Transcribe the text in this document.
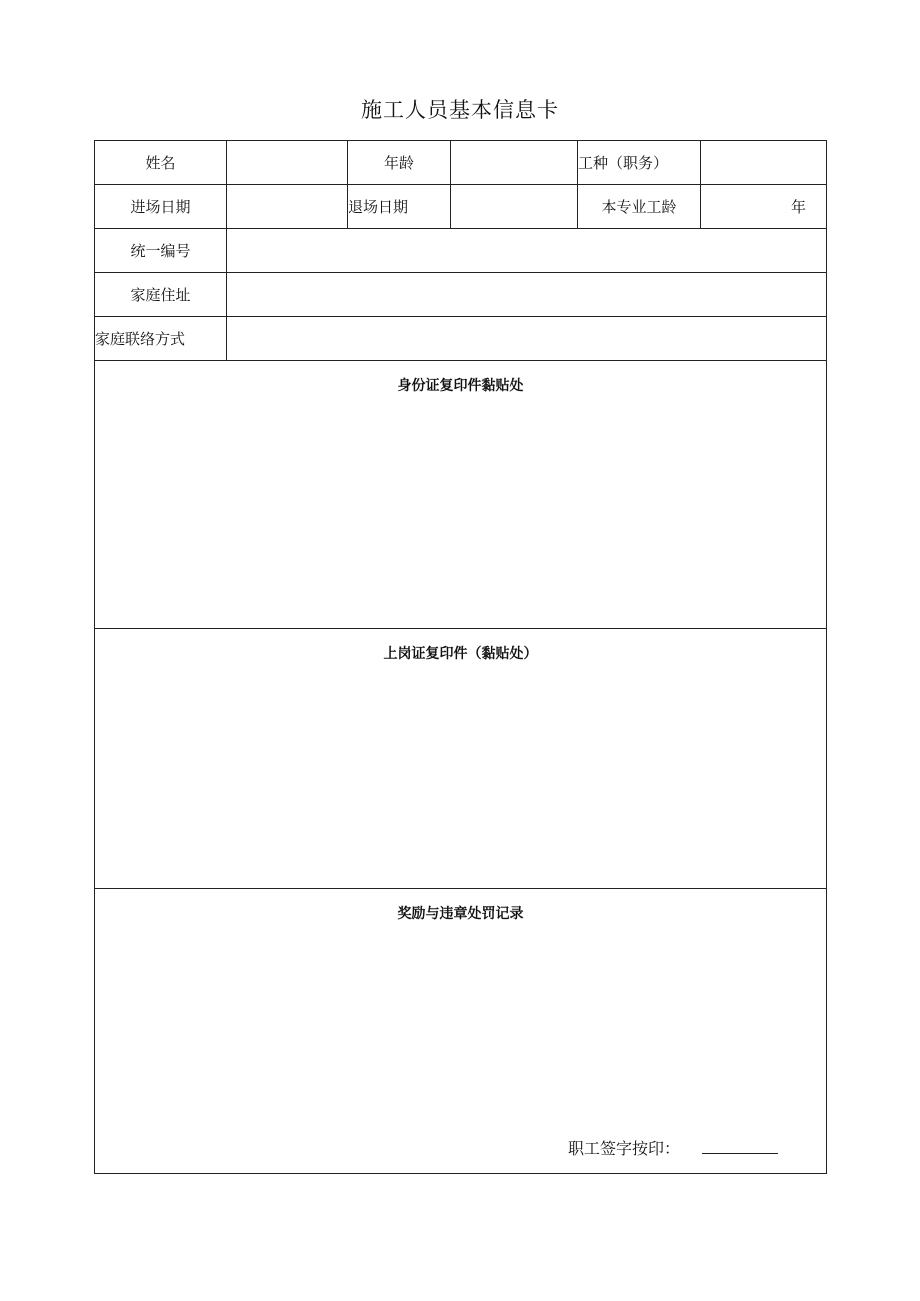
施工人员基本信息卡
姓名		年龄		工种（职务）	
进场日期		退场日期		本专业工龄	年
统一编号					
家庭住址					
家庭联络方式					

身份证复印件黏贴处					

上岗证复印件（黏贴处）					

奖励与违章处罚记录
职工签字按印：					
